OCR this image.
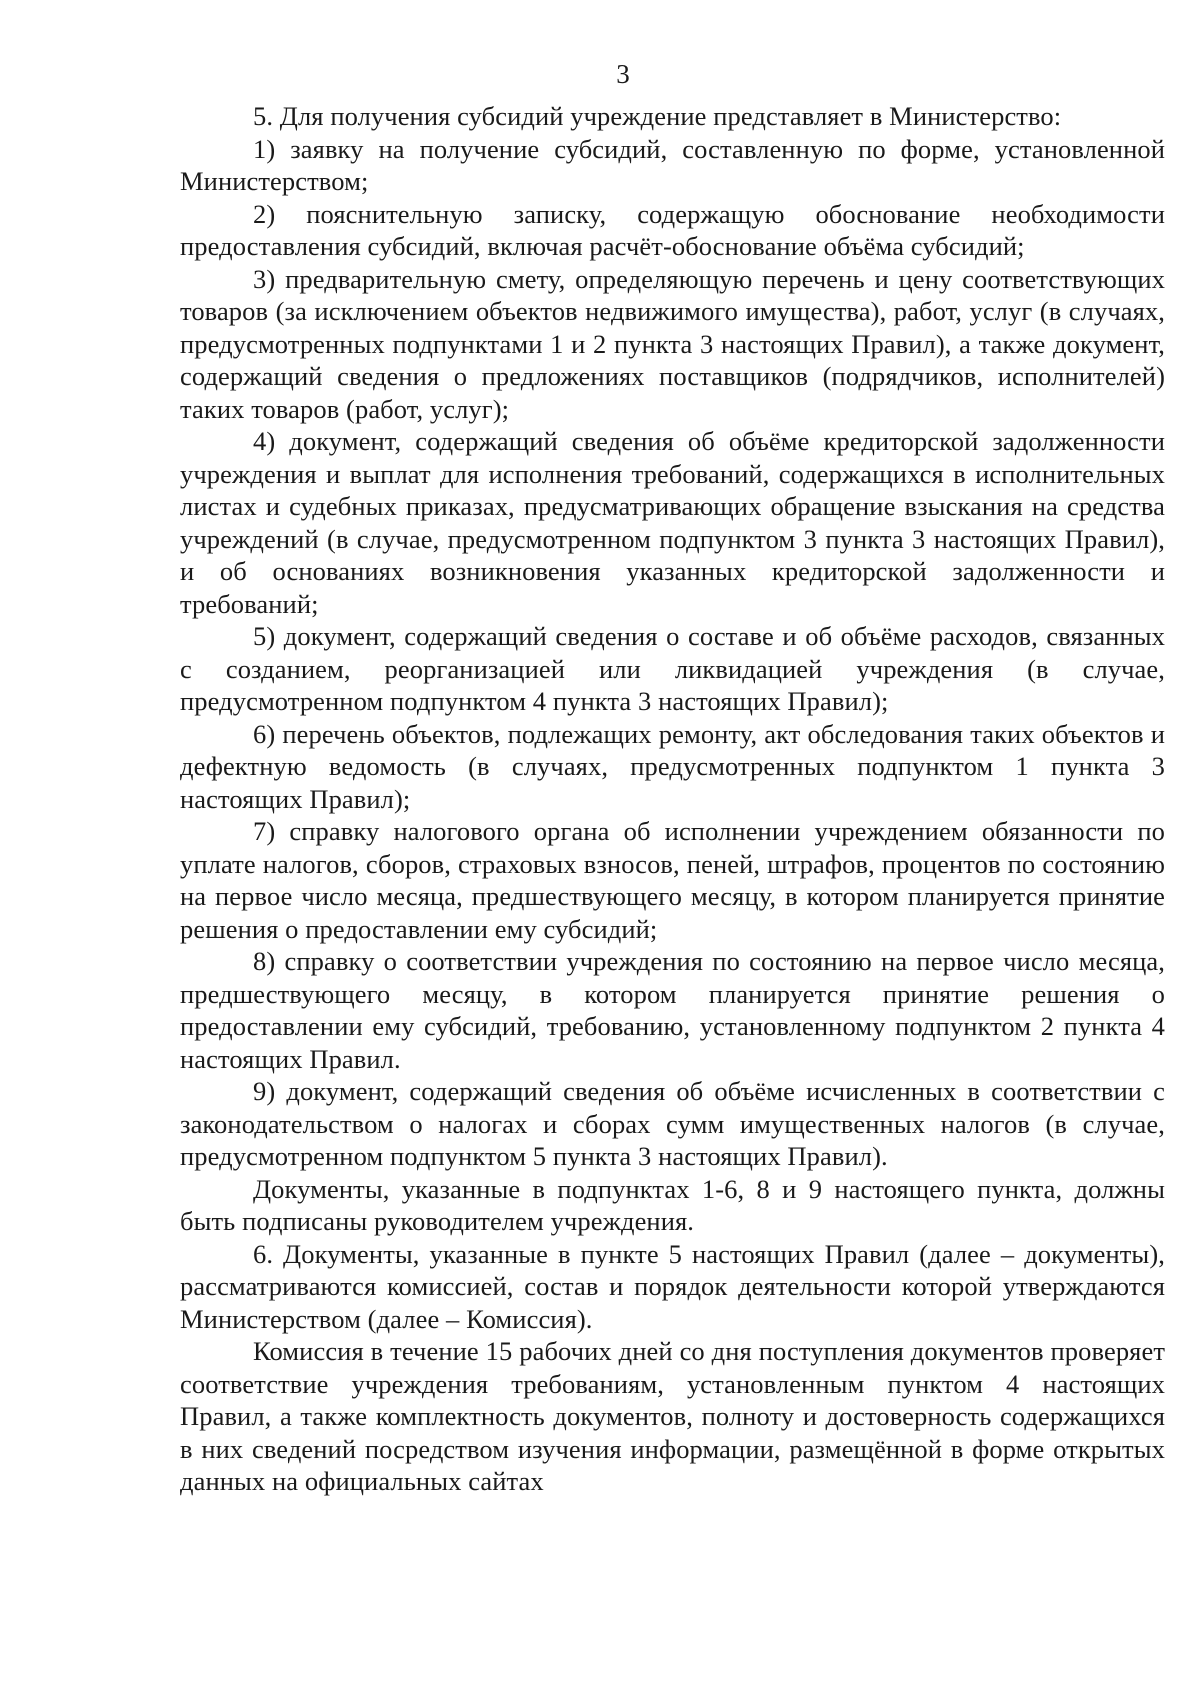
3

5. Для получения субсидий учреждение представляет в Министерство:

1) заявку на получение субсидий, составленную по форме, установленной Министерством;

2) пояснительную записку, содержащую обоснование необходимости предоставления субсидий, включая расчёт-обоснование объёма субсидий;

3) предварительную смету, определяющую перечень и цену соответствующих товаров (за исключением объектов недвижимого имущества), работ, услуг (в случаях, предусмотренных подпунктами 1 и 2 пункта 3 настоящих Правил), а также документ, содержащий сведения о предложениях поставщиков (подрядчиков, исполнителей) таких товаров (работ, услуг);

4) документ, содержащий сведения об объёме кредиторской задолженности учреждения и выплат для исполнения требований, содержащихся в исполнительных листах и судебных приказах, предусматривающих обращение взыскания на средства учреждений (в случае, предусмотренном подпунктом 3 пункта 3 настоящих Правил), и об основаниях возникновения указанных кредиторской задолженности и требований;

5) документ, содержащий сведения о составе и об объёме расходов, связанных с созданием, реорганизацией или ликвидацией учреждения (в случае, предусмотренном подпунктом 4 пункта 3 настоящих Правил);

6) перечень объектов, подлежащих ремонту, акт обследования таких объектов и дефектную ведомость (в случаях, предусмотренных подпунктом 1 пункта 3 настоящих Правил);

7) справку налогового органа об исполнении учреждением обязанности по уплате налогов, сборов, страховых взносов, пеней, штрафов, процентов по состоянию на первое число месяца, предшествующего месяцу, в котором планируется принятие решения о предоставлении ему субсидий;

8) справку о соответствии учреждения по состоянию на первое число месяца, предшествующего месяцу, в котором планируется принятие решения о предоставлении ему субсидий, требованию, установленному подпунктом 2 пункта 4 настоящих Правил.

9) документ, содержащий сведения об объёме исчисленных в соответствии с законодательством о налогах и сборах сумм имущественных налогов (в случае, предусмотренном подпунктом 5 пункта 3 настоящих Правил).

Документы, указанные в подпунктах 1-6, 8 и 9 настоящего пункта, должны быть подписаны руководителем учреждения.

6. Документы, указанные в пункте 5 настоящих Правил (далее – документы), рассматриваются комиссией, состав и порядок деятельности которой утверждаются Министерством (далее – Комиссия).

Комиссия в течение 15 рабочих дней со дня поступления документов проверяет соответствие учреждения требованиям, установленным пунктом 4 настоящих Правил, а также комплектность документов, полноту и достоверность содержащихся в них сведений посредством изучения информации, размещённой в форме открытых данных на официальных сайтах
